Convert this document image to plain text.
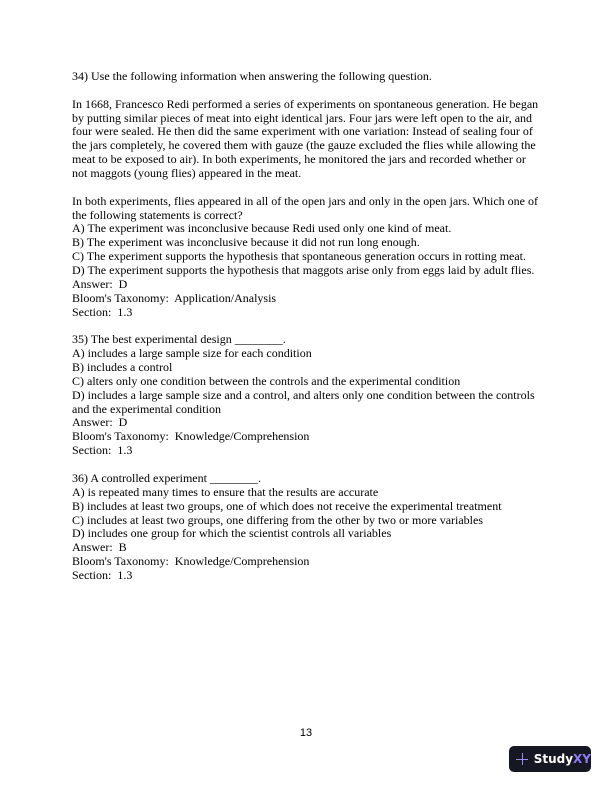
34) Use the following information when answering the following question.
In 1668, Francesco Redi performed a series of experiments on spontaneous generation. He began
by putting similar pieces of meat into eight identical jars. Four jars were left open to the air, and
four were sealed. He then did the same experiment with one variation: Instead of sealing four of
the jars completely, he covered them with gauze (the gauze excluded the flies while allowing the
meat to be exposed to air). In both experiments, he monitored the jars and recorded whether or
not maggots (young flies) appeared in the meat.
In both experiments, flies appeared in all of the open jars and only in the open jars. Which one of
the following statements is correct?
A) The experiment was inconclusive because Redi used only one kind of meat.
B) The experiment was inconclusive because it did not run long enough.
C) The experiment supports the hypothesis that spontaneous generation occurs in rotting meat.
D) The experiment supports the hypothesis that maggots arise only from eggs laid by adult flies.
Answer:  D
Bloom's Taxonomy:  Application/Analysis
Section:  1.3
35) The best experimental design ________.
A) includes a large sample size for each condition
B) includes a control
C) alters only one condition between the controls and the experimental condition
D) includes a large sample size and a control, and alters only one condition between the controls
and the experimental condition
Answer:  D
Bloom's Taxonomy:  Knowledge/Comprehension
Section:  1.3
36) A controlled experiment ________.
A) is repeated many times to ensure that the results are accurate
B) includes at least two groups, one of which does not receive the experimental treatment
C) includes at least two groups, one differing from the other by two or more variables
D) includes one group for which the scientist controls all variables
Answer:  B
Bloom's Taxonomy:  Knowledge/Comprehension
Section:  1.3
13
Study XY
